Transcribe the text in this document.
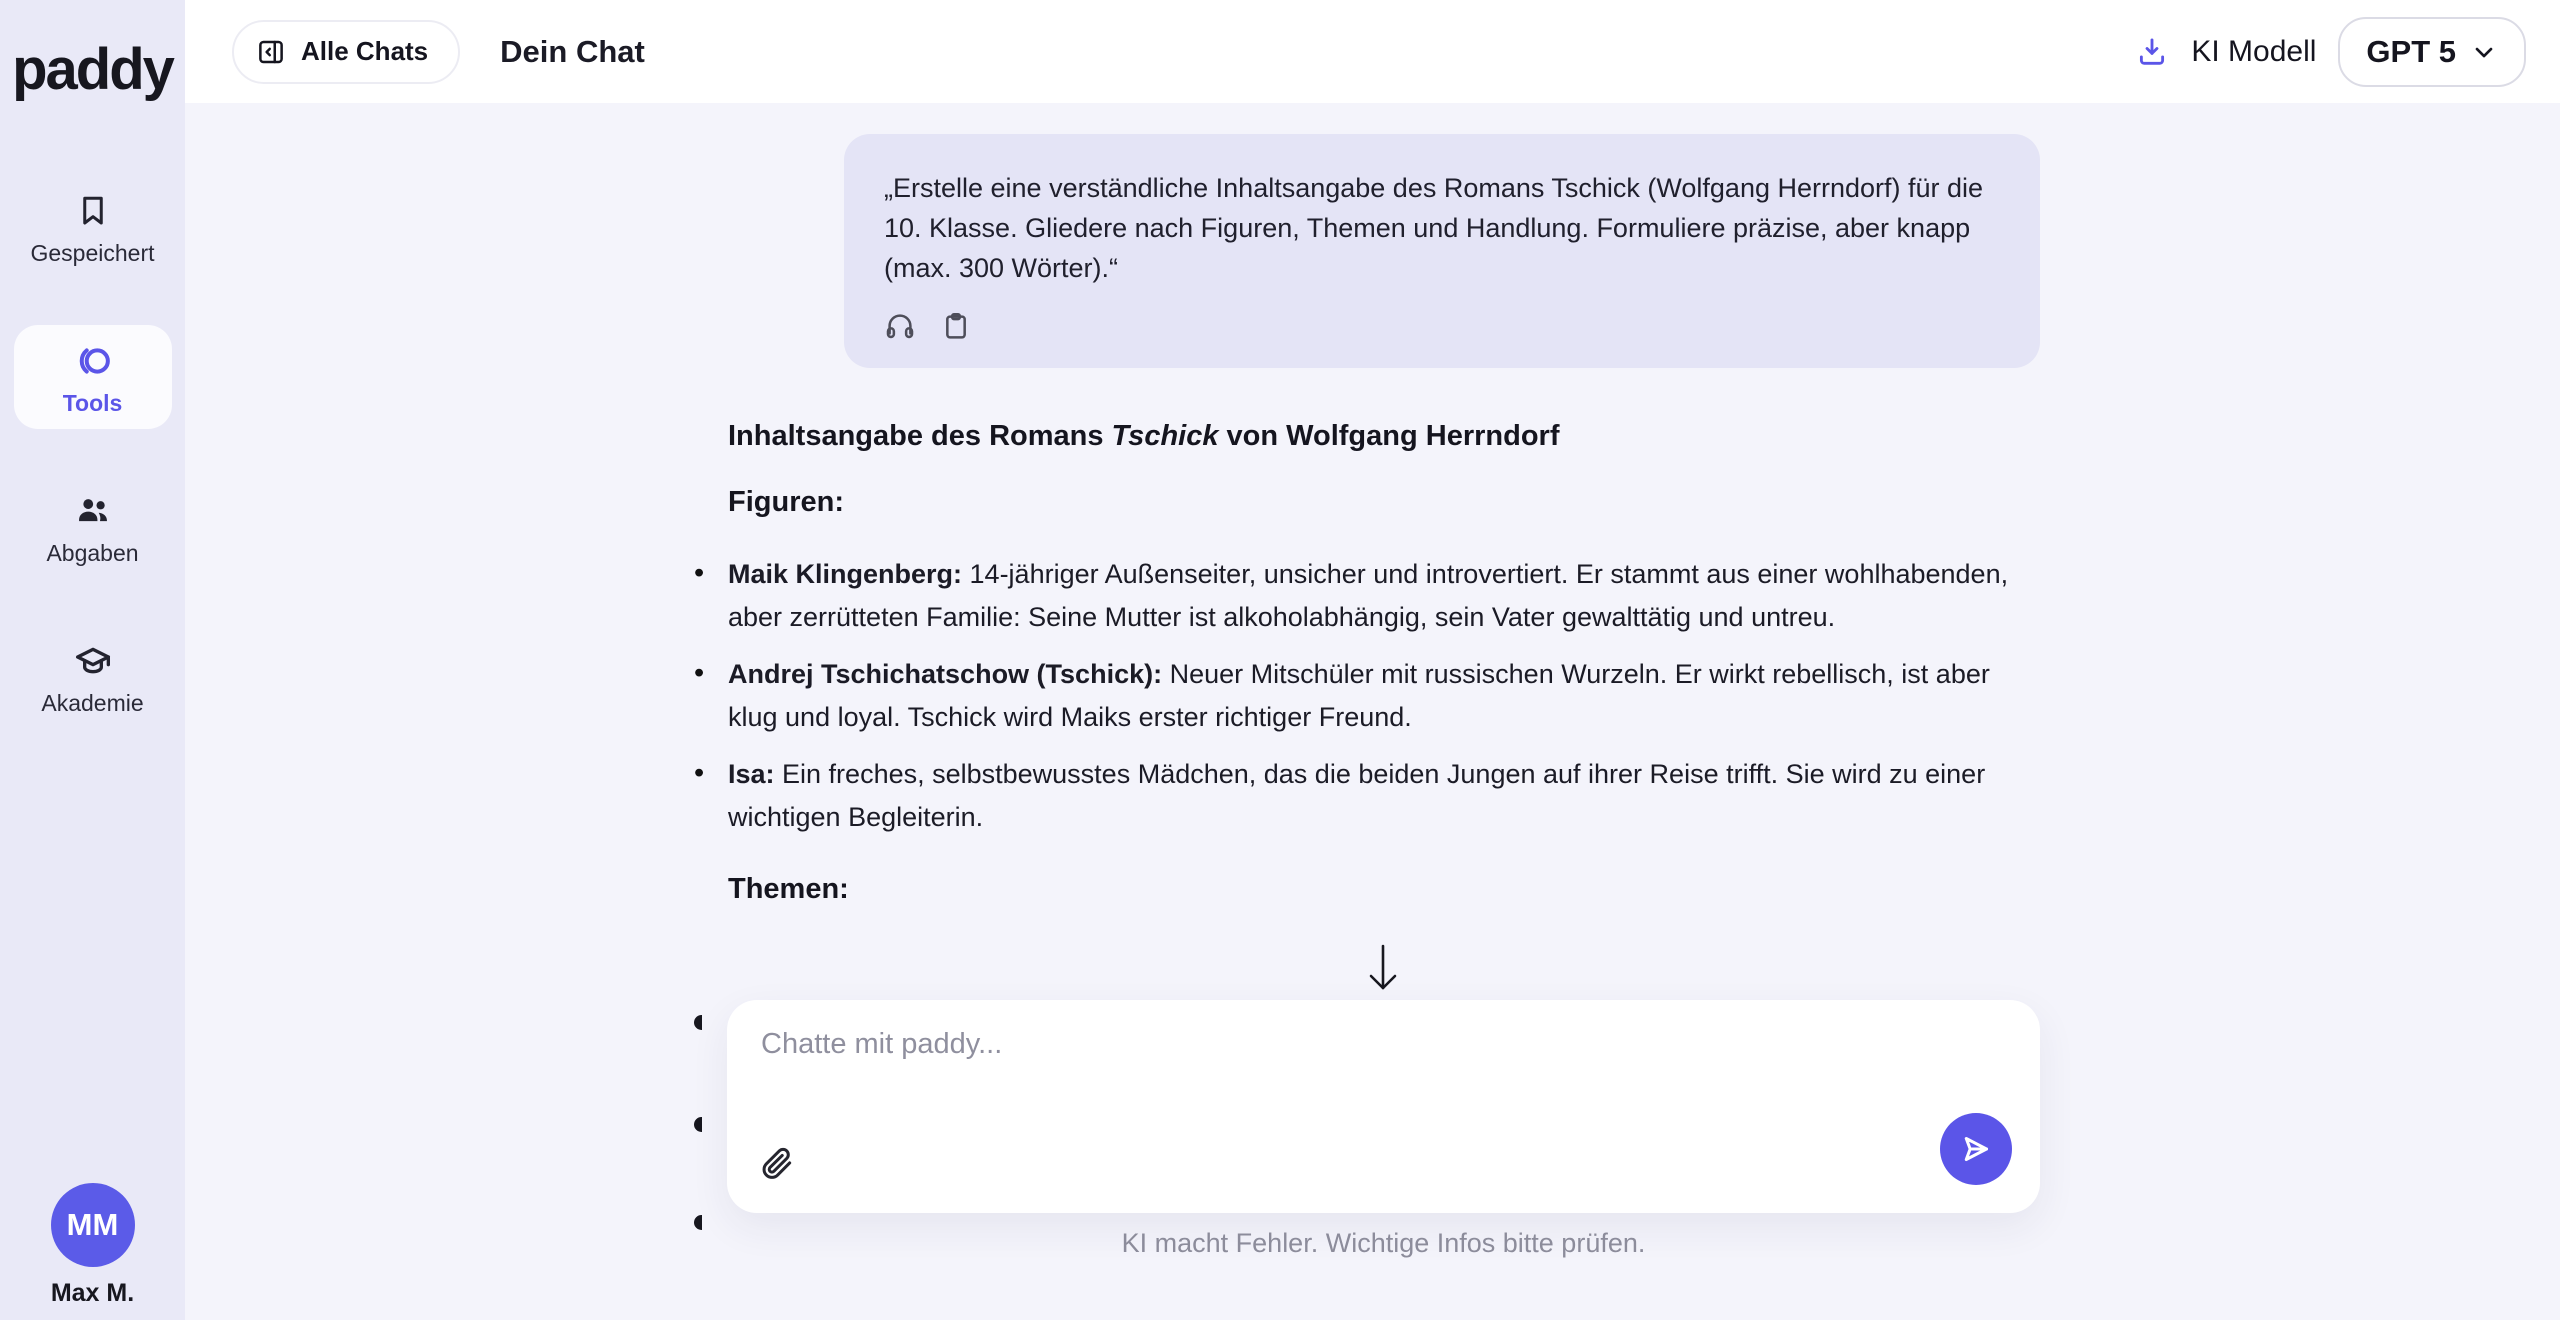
Alle Chats Dein Chat	KI Modell GPT 5
paddy
Gespeichert
Tools
Abgaben
Akademie
MM
Max M.
„Erstelle eine verständliche Inhaltsangabe des Romans Tschick (Wolfgang Herrndorf) für die 10. Klasse. Gliedere nach Figuren, Themen und Handlung. Formuliere präzise, aber knapp (max. 300 Wörter).“
Inhaltsangabe des Romans Tschick von Wolfgang Herrndorf
Figuren:
• Maik Klingenberg: 14-jähriger Außenseiter, unsicher und introvertiert. Er stammt aus einer wohlhabenden, aber zerrütteten Familie: Seine Mutter ist alkoholabhängig, sein Vater gewalttätig und untreu.
• Andrej Tschichatschow (Tschick): Neuer Mitschüler mit russischen Wurzeln. Er wirkt rebellisch, ist aber klug und loyal. Tschick wird Maiks erster richtiger Freund.
• Isa: Ein freches, selbstbewusstes Mädchen, das die beiden Jungen auf ihrer Reise trifft. Sie wird zu einer wichtigen Begleiterin.
Themen:
Chatte mit paddy...
KI macht Fehler. Wichtige Infos bitte prüfen.
